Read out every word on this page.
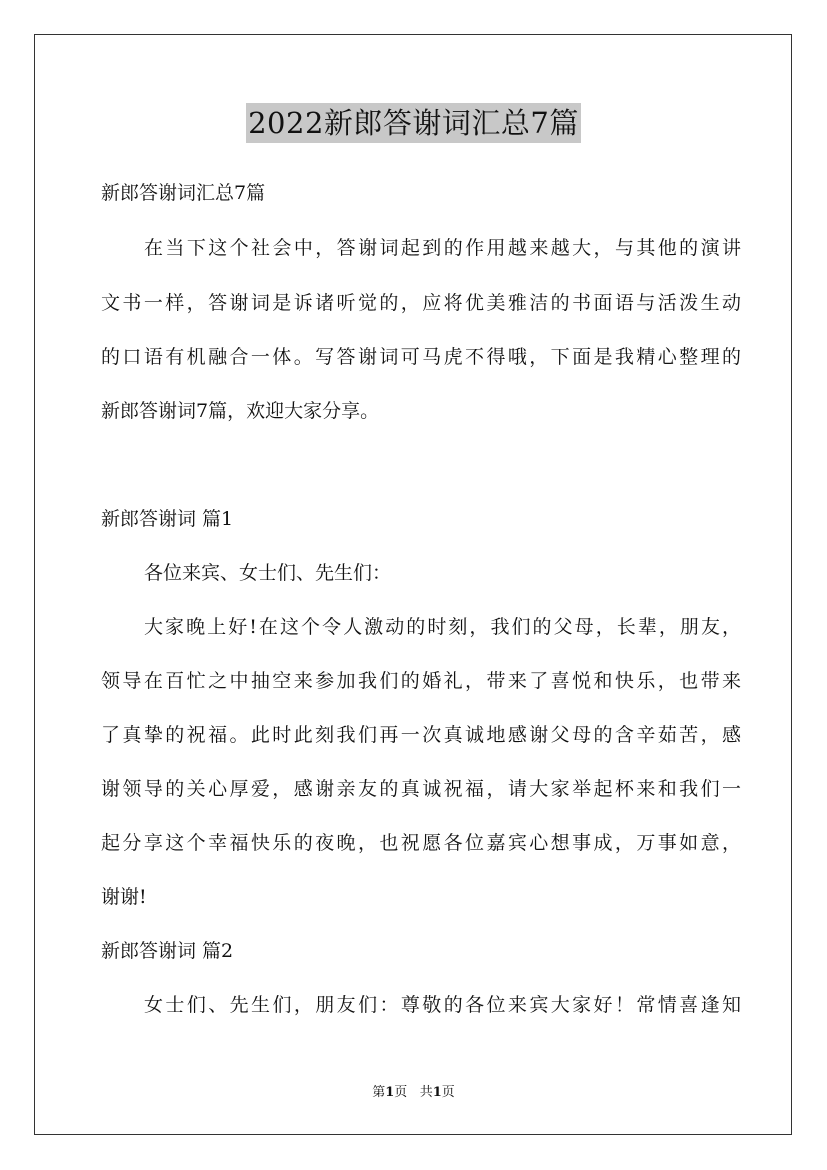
2022新郎答谢词汇总7篇
新郎答谢词汇总7篇
在当下这个社会中，答谢词起到的作用越来越大，与其他的演讲
文书一样，答谢词是诉诸听觉的，应将优美雅洁的书面语与活泼生动
的口语有机融合一体。写答谢词可马虎不得哦，下面是我精心整理的
新郎答谢词7篇，欢迎大家分享。
新郎答谢词 篇1
各位来宾、女士们、先生们：
大家晚上好!在这个令人激动的时刻，我们的父母，长辈，朋友，
领导在百忙之中抽空来参加我们的婚礼，带来了喜悦和快乐，也带来
了真挚的祝福。此时此刻我们再一次真诚地感谢父母的含辛茹苦，感
谢领导的关心厚爱，感谢亲友的真诚祝福，请大家举起杯来和我们一
起分享这个幸福快乐的夜晚，也祝愿各位嘉宾心想事成，万事如意，
谢谢!
新郎答谢词 篇2
女士们、先生们，朋友们：尊敬的各位来宾大家好！常情喜逢知
第1页 共1页
